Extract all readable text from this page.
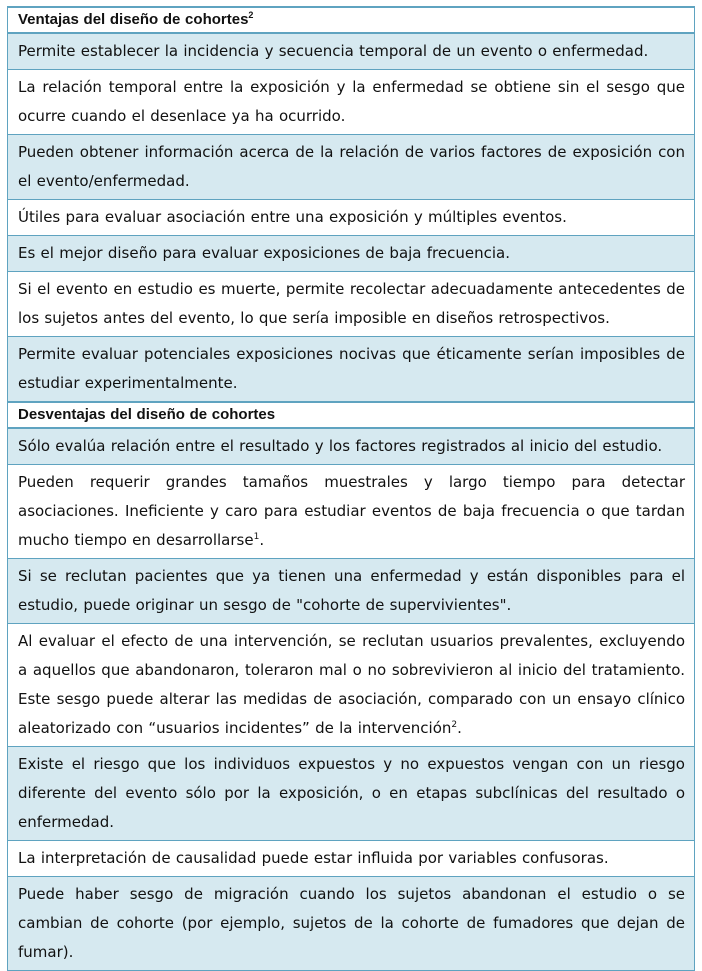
Ventajas del diseño de cohortes$^2$
Permite establecer la incidencia y secuencia temporal de un evento o enfermedad.
La relación temporal entre la exposición y la enfermedad se obtiene sin el sesgo que ocurre cuando el desenlace ya ha ocurrido.
Pueden obtener información acerca de la relación de varios factores de exposición con el evento/enfermedad.
Útiles para evaluar asociación entre una exposición y múltiples eventos.
Es el mejor diseño para evaluar exposiciones de baja frecuencia.
Si el evento en estudio es muerte, permite recolectar adecuadamente antecedentes de los sujetos antes del evento, lo que sería imposible en diseños retrospectivos.
Permite evaluar potenciales exposiciones nocivas que éticamente serían imposibles de estudiar experimentalmente.
Desventajas del diseño de cohortes
Sólo evalúa relación entre el resultado y los factores registrados al inicio del estudio.
Pueden requerir grandes tamaños muestrales y largo tiempo para detectar asociaciones. Ineficiente y caro para estudiar eventos de baja frecuencia o que tardan mucho tiempo en desarrollarse$^1$.
Si se reclutan pacientes que ya tienen una enfermedad y están disponibles para el estudio, puede originar un sesgo de "cohorte de supervivientes".
Al evaluar el efecto de una intervención, se reclutan usuarios prevalentes, excluyendo a aquellos que abandonaron, toleraron mal o no sobrevivieron al inicio del tratamiento. Este sesgo puede alterar las medidas de asociación, comparado con un ensayo clínico aleatorizado con “usuarios incidentes” de la intervención$^2$.
Existe el riesgo que los individuos expuestos y no expuestos vengan con un riesgo diferente del evento sólo por la exposición, o en etapas subclínicas del resultado o enfermedad.
La interpretación de causalidad puede estar influida por variables confusoras.
Puede haber sesgo de migración cuando los sujetos abandonan el estudio o se cambian de cohorte (por ejemplo, sujetos de la cohorte de fumadores que dejan de fumar).
